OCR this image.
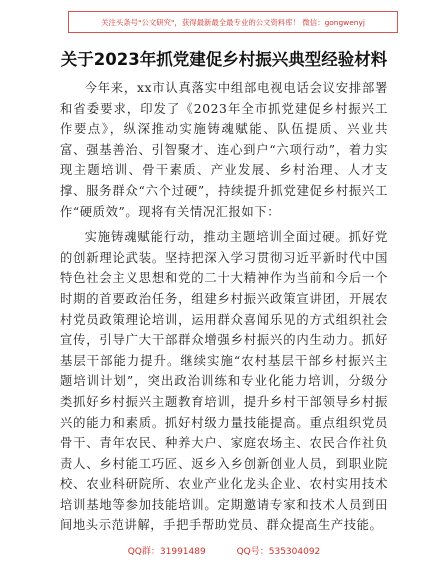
关注头条号"公文研究"，获得最新最全最专业的公文资料库！ 微信：gongwenyj
关于2023年抓党建促乡村振兴典型经验材料

今年来，xx市认真落实中组部电视电话会议安排部署和省委要求，印发了《2023年全市抓党建促乡村振兴工作要点》，纵深推动实施铸魂赋能、队伍提质、兴业共富、强基善治、引智聚才、连心到户“六项行动”，着力实现主题培训、骨干素质、产业发展、乡村治理、人才支撑、服务群众“六个过硬”，持续提升抓党建促乡村振兴工作“硬质效”。现将有关情况汇报如下：

实施铸魂赋能行动，推动主题培训全面过硬。抓好党的创新理论武装。坚持把深入学习贯彻习近平新时代中国特色社会主义思想和党的二十大精神作为当前和今后一个时期的首要政治任务，组建乡村振兴政策宣讲团，开展农村党员政策理论培训，运用群众喜闻乐见的方式组织社会宣传，引导广大干部群众增强乡村振兴的内生动力。抓好基层干部能力提升。继续实施“农村基层干部乡村振兴主题培训计划”，突出政治训练和专业化能力培训，分级分类抓好乡村振兴主题教育培训，提升乡村干部领导乡村振兴的能力和素质。抓好村级力量技能提高。重点组织党员骨干、青年农民、种养大户、家庭农场主、农民合作社负责人、乡村能工巧匠、返乡入乡创新创业人员，到职业院校、农业科研院所、农业产业化龙头企业、农村实用技术培训基地等参加技能培训。定期邀请专家和技术人员到田间地头示范讲解，手把手帮助党员、群众提高生产技能。

QQ群：31991489	QQ号：535304092
